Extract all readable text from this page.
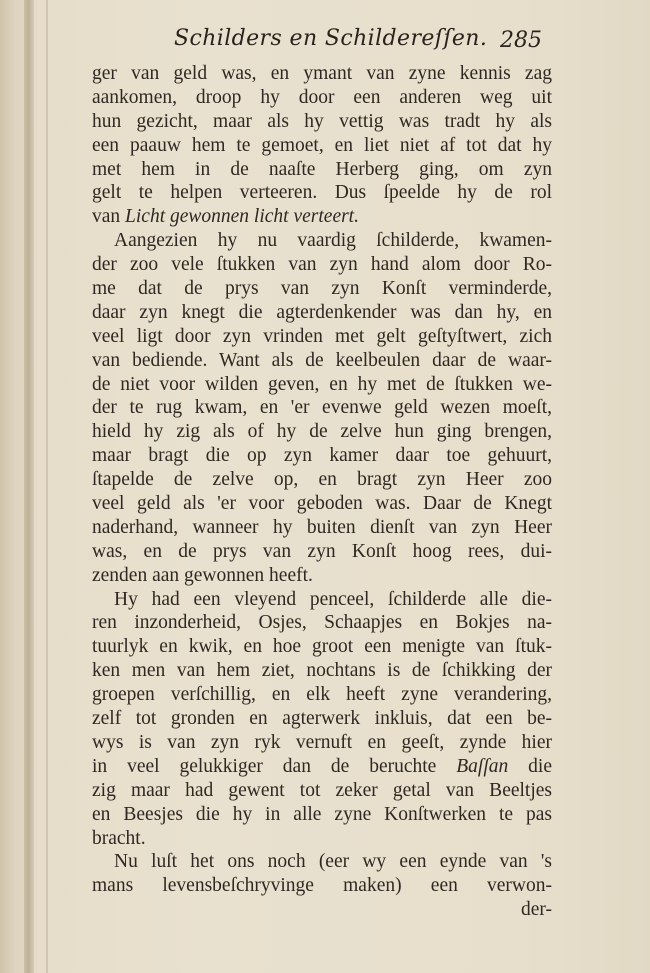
Schilders en Schildereſſen. 285
ger van geld was, en ymant van zyne kennis zag
aankomen, droop hy door een anderen weg uit
hun gezicht, maar als hy vettig was tradt hy als
een paauw hem te gemoet, en liet niet af tot dat hy
met hem in de naaſte Herberg ging, om zyn
gelt te helpen verteeren. Dus ſpeelde hy de rol
van Licht gewonnen licht verteert.
Aangezien hy nu vaardig ſchilderde, kwamen-
der zoo vele ſtukken van zyn hand alom door Ro-
me dat de prys van zyn Konſt verminderde,
daar zyn knegt die agterdenkender was dan hy, en
veel ligt door zyn vrinden met gelt geſtyſtwert, zich
van bediende. Want als de keelbeulen daar de waar-
de niet voor wilden geven, en hy met de ſtukken we-
der te rug kwam, en 'er evenwe geld wezen moeſt,
hield hy zig als of hy de zelve hun ging brengen,
maar bragt die op zyn kamer daar toe gehuurt,
ſtapelde de zelve op, en bragt zyn Heer zoo
veel geld als 'er voor geboden was. Daar de Knegt
naderhand, wanneer hy buiten dienſt van zyn Heer
was, en de prys van zyn Konſt hoog rees, dui-
zenden aan gewonnen heeft.
Hy had een vleyend penceel, ſchilderde alle die-
ren inzonderheid, Osjes, Schaapjes en Bokjes na-
tuurlyk en kwik, en hoe groot een menigte van ſtuk-
ken men van hem ziet, nochtans is de ſchikking der
groepen verſchillig, en elk heeft zyne verandering,
zelf tot gronden en agterwerk inkluis, dat een be-
wys is van zyn ryk vernuft en geeſt, zynde hier
in veel gelukkiger dan de beruchte Baſſan die
zig maar had gewent tot zeker getal van Beeltjes
en Beesjes die hy in alle zyne Konſtwerken te pas
bracht.
Nu luſt het ons noch (eer wy een eynde van 's
mans levensbeſchryvinge maken) een verwon-
der-
